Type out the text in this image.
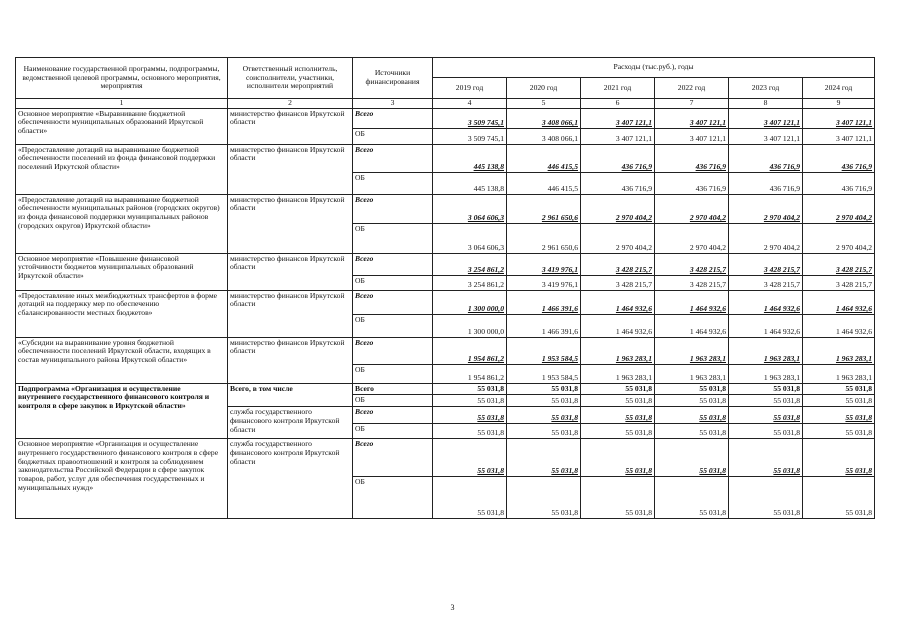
Наименование государственной программы, подпрограммы, ведомственной целевой программы, основного мероприятия, мероприятия	Ответственный исполнитель, соисполнители, участники, исполнители мероприятий	Источники финансирования	Расходы (тыс.руб.), годы					
			2019 год	2020 год	2021 год	2022 год	2023 год	2024 год
1	2	3	4	5	6	7	8	9
Основное мероприятие «Выравнивание бюджетной обеспеченности муниципальных образований Иркутской области»	министерство финансов Иркутской области	Всего	3 509 745,1	3 408 066,1	3 407 121,1	3 407 121,1	3 407 121,1	3 407 121,1
		ОБ	3 509 745,1	3 408 066,1	3 407 121,1	3 407 121,1	3 407 121,1	3 407 121,1
«Предоставление дотаций на выравнивание бюджетной обеспеченности поселений из фонда финансовой поддержки поселений Иркутской области»	министерство финансов Иркутской области	Всего	445 138,8	446 415,5	436 716,9	436 716,9	436 716,9	436 716,9
		ОБ	445 138,8	446 415,5	436 716,9	436 716,9	436 716,9	436 716,9
«Предоставление дотаций на выравнивание бюджетной обеспеченности муниципальных районов (городских округов) из фонда финансовой поддержки муниципальных районов (городских округов) Иркутской области»	министерство финансов Иркутской области	Всего	3 064 606,3	2 961 650,6	2 970 404,2	2 970 404,2	2 970 404,2	2 970 404,2
		ОБ	3 064 606,3	2 961 650,6	2 970 404,2	2 970 404,2	2 970 404,2	2 970 404,2
Основное мероприятие «Повышение финансовой устойчивости бюджетов муниципальных образований Иркутской области»	министерство финансов Иркутской области	Всего	3 254 861,2	3 419 976,1	3 428 215,7	3 428 215,7	3 428 215,7	3 428 215,7
		ОБ	3 254 861,2	3 419 976,1	3 428 215,7	3 428 215,7	3 428 215,7	3 428 215,7
«Предоставление иных межбюджетных трансфертов в форме дотаций на поддержку мер по обеспечению сбалансированности местных бюджетов»	министерство финансов Иркутской области	Всего	1 300 000,0	1 466 391,6	1 464 932,6	1 464 932,6	1 464 932,6	1 464 932,6
		ОБ	1 300 000,0	1 466 391,6	1 464 932,6	1 464 932,6	1 464 932,6	1 464 932,6
«Субсидии на выравнивание уровня бюджетной обеспеченности поселений Иркутской области, входящих в состав муниципального района Иркутской области»	министерство финансов Иркутской области	Всего	1 954 861,2	1 953 584,5	1 963 283,1	1 963 283,1	1 963 283,1	1 963 283,1
		ОБ	1 954 861,2	1 953 584,5	1 963 283,1	1 963 283,1	1 963 283,1	1 963 283,1
Подпрограмма «Организация и осуществление внутреннего государственного финансового контроля и контроля в сфере закупок в Иркутской области»	Всего, в том числе	Всего	55 031,8	55 031,8	55 031,8	55 031,8	55 031,8	55 031,8
		ОБ	55 031,8	55 031,8	55 031,8	55 031,8	55 031,8	55 031,8
	служба государственного финансового контроля Иркутской области	Всего	55 031,8	55 031,8	55 031,8	55 031,8	55 031,8	55 031,8
		ОБ	55 031,8	55 031,8	55 031,8	55 031,8	55 031,8	55 031,8
Основное мероприятие «Организация и осуществление внутреннего государственного финансового контроля в сфере бюджетных правоотношений и контроля за соблюдением законодательства Российской Федерации в сфере закупок товаров, работ, услуг для обеспечения государственных и муниципальных нужд»	служба государственного финансового контроля Иркутской области	Всего	55 031,8	55 031,8	55 031,8	55 031,8	55 031,8	55 031,8
		ОБ	55 031,8	55 031,8	55 031,8	55 031,8	55 031,8	55 031,8
3
